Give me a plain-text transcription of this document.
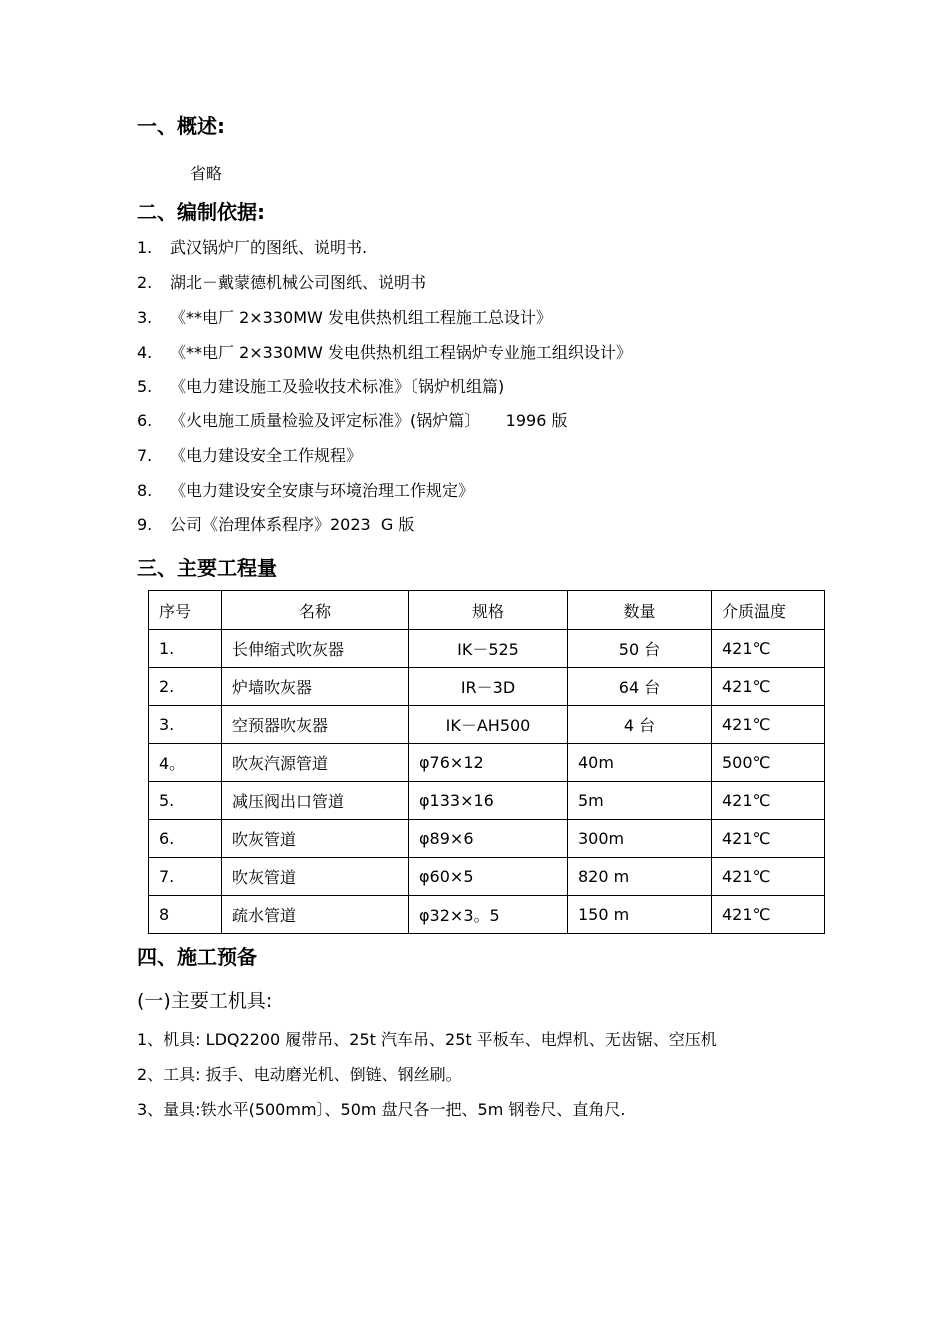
一、概述:
省略
二、编制依据:
1. 武汉锅炉厂的图纸、说明书.
2. 湖北－戴蒙德机械公司图纸、说明书
3. 《**电厂 2×330MW 发电供热机组工程施工总设计》
4. 《**电厂 2×330MW 发电供热机组工程锅炉专业施工组织设计》
5. 《电力建设施工及验收技术标准》〔锅炉机组篇)
6. 《火电施工质量检验及评定标准》(锅炉篇〕     1996 版
7. 《电力建设安全工作规程》
8. 《电力建设安全安康与环境治理工作规定》
9. 公司《治理体系程序》2023  G 版
三、主要工程量
序号	名称	规格	数量	介质温度
1.	长伸缩式吹灰器	IK－525	50 台	421℃
2.	炉墙吹灰器	IR－3D	64 台	421℃
3.	空预器吹灰器	IK－AH500	4 台	421℃
4。	吹灰汽源管道	φ76×12	40m	500℃
5.	减压阀出口管道	φ133×16	5m	421℃
6.	吹灰管道	φ89×6	300m	421℃
7.	吹灰管道	φ60×5	820 m	421℃
8	疏水管道	φ32×3。5	150 m	421℃
四、施工预备
(一)主要工机具:
1、机具: LDQ2200 履带吊、25t 汽车吊、25t 平板车、电焊机、无齿锯、空压机
2、工具: 扳手、电动磨光机、倒链、钢丝刷。
3、量具:铁水平(500mm〕、50m 盘尺各一把、5m 钢卷尺、直角尺.
